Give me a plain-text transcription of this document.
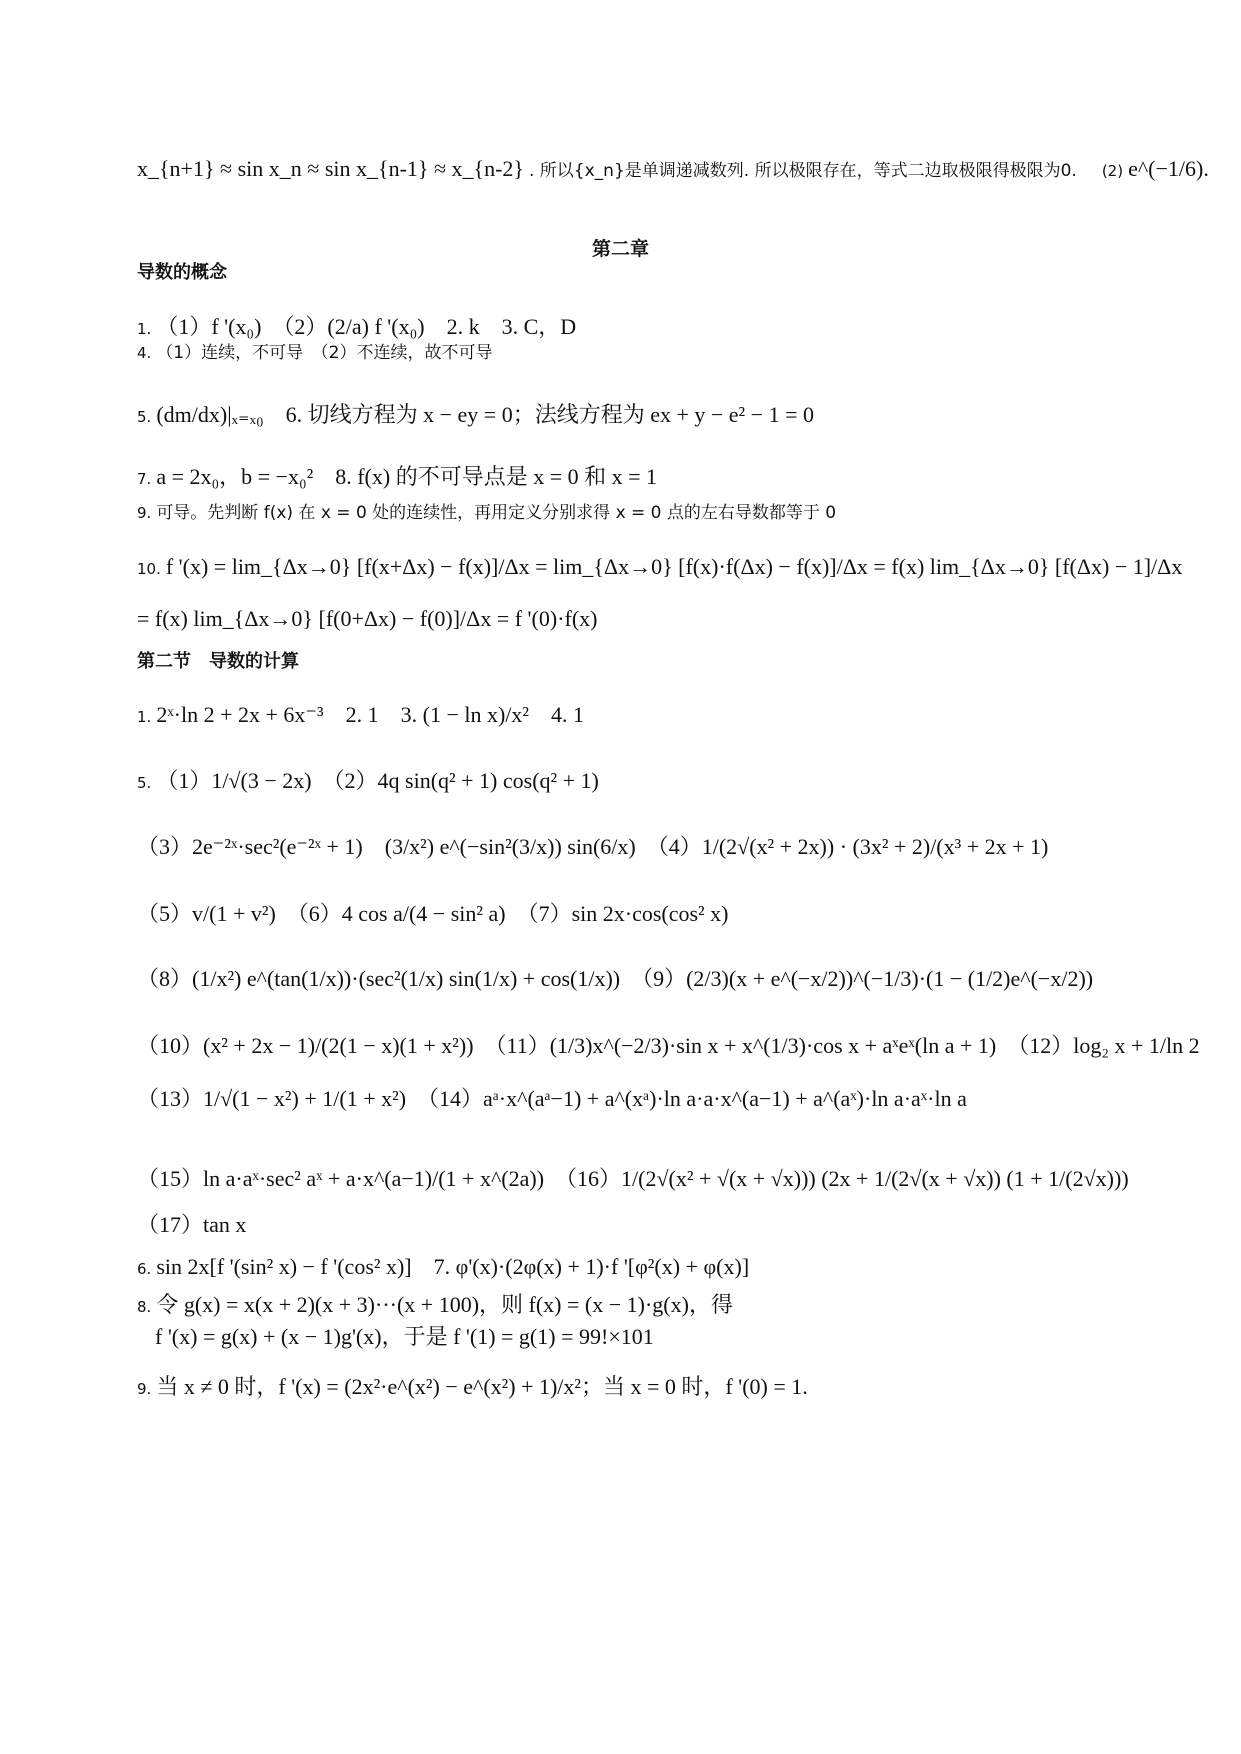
x_{n+1} ≈ sin x_n ≈ sin x_{n-1} ≈ x_{n-2} . 所以{x_n}是单调递减数列. 所以极限存在，等式二边取极限得极限为0. (2) e^(−1/6).
第二章
导数的概念
1. （1）f '(x₀)　（2）(2/a) f '(x₀)　2. k　3. C，D
4. （1）连续，不可导　（2）不连续，故不可导
5. (dm/dx)|ₓ₌ₓ₀　6. 切线方程为 x − ey = 0；法线方程为 ex + y − e² − 1 = 0
7. a = 2x₀，b = −x₀²　8. f(x) 的不可导点是 x = 0 和 x = 1
9. 可导。先判断 f(x) 在 x = 0 处的连续性，再用定义分别求得 x = 0 点的左右导数都等于 0
10. f '(x) = lim_{Δx→0} [f(x+Δx) − f(x)]/Δx = lim_{Δx→0} [f(x)·f(Δx) − f(x)]/Δx = f(x) lim_{Δx→0} [f(Δx) − 1]/Δx
= f(x) lim_{Δx→0} [f(0+Δx) − f(0)]/Δx = f '(0)·f(x)
第二节　导数的计算
1. 2ˣ·ln 2 + 2x + 6x⁻³　2. 1　3. (1 − ln x)/x²　4. 1
5. （1）1/√(3 − 2x)　（2）4q sin(q² + 1) cos(q² + 1)
（3）2e⁻²ˣ·sec²(e⁻²ˣ + 1)　(3/x²) e^(−sin²(3/x)) sin(6/x)　（4）1/(2√(x² + 2x)) · (3x² + 2)/(x³ + 2x + 1)
（5）v/(1 + v²)　（6）4 cos a/(4 − sin² a)　（7）sin 2x·cos(cos² x)
（8）(1/x²) e^(tan(1/x))·(sec²(1/x) sin(1/x) + cos(1/x))　（9）(2/3)(x + e^(−x/2))^(−1/3)·(1 − (1/2)e^(−x/2))
（10）(x² + 2x − 1)/(2(1 − x)(1 + x²))　（11）(1/3)x^(−2/3)·sin x + x^(1/3)·cos x + aˣeˣ(ln a + 1)　（12）log₂ x + 1/ln 2
（13）1/√(1 − x²) + 1/(1 + x²)　（14）aᵃ·x^(aᵃ−1) + a^(xᵃ)·ln a·a·x^(a−1) + a^(aˣ)·ln a·aˣ·ln a
（15）ln a·aˣ·sec² aˣ + a·x^(a−1)/(1 + x^(2a))　（16）1/(2√(x² + √(x + √x))) (2x + 1/(2√(x + √x)) (1 + 1/(2√x)))
（17）tan x
6. sin 2x[f '(sin² x) − f '(cos² x)]　7. φ'(x)·(2φ(x) + 1)·f '[φ²(x) + φ(x)]
8. 令 g(x) = x(x + 2)(x + 3)···(x + 100)，则 f(x) = (x − 1)·g(x)，得
f '(x) = g(x) + (x − 1)g'(x)，于是 f '(1) = g(1) = 99!×101
9. 当 x ≠ 0 时，f '(x) = (2x²·e^(x²) − e^(x²) + 1)/x²；当 x = 0 时，f '(0) = 1.
